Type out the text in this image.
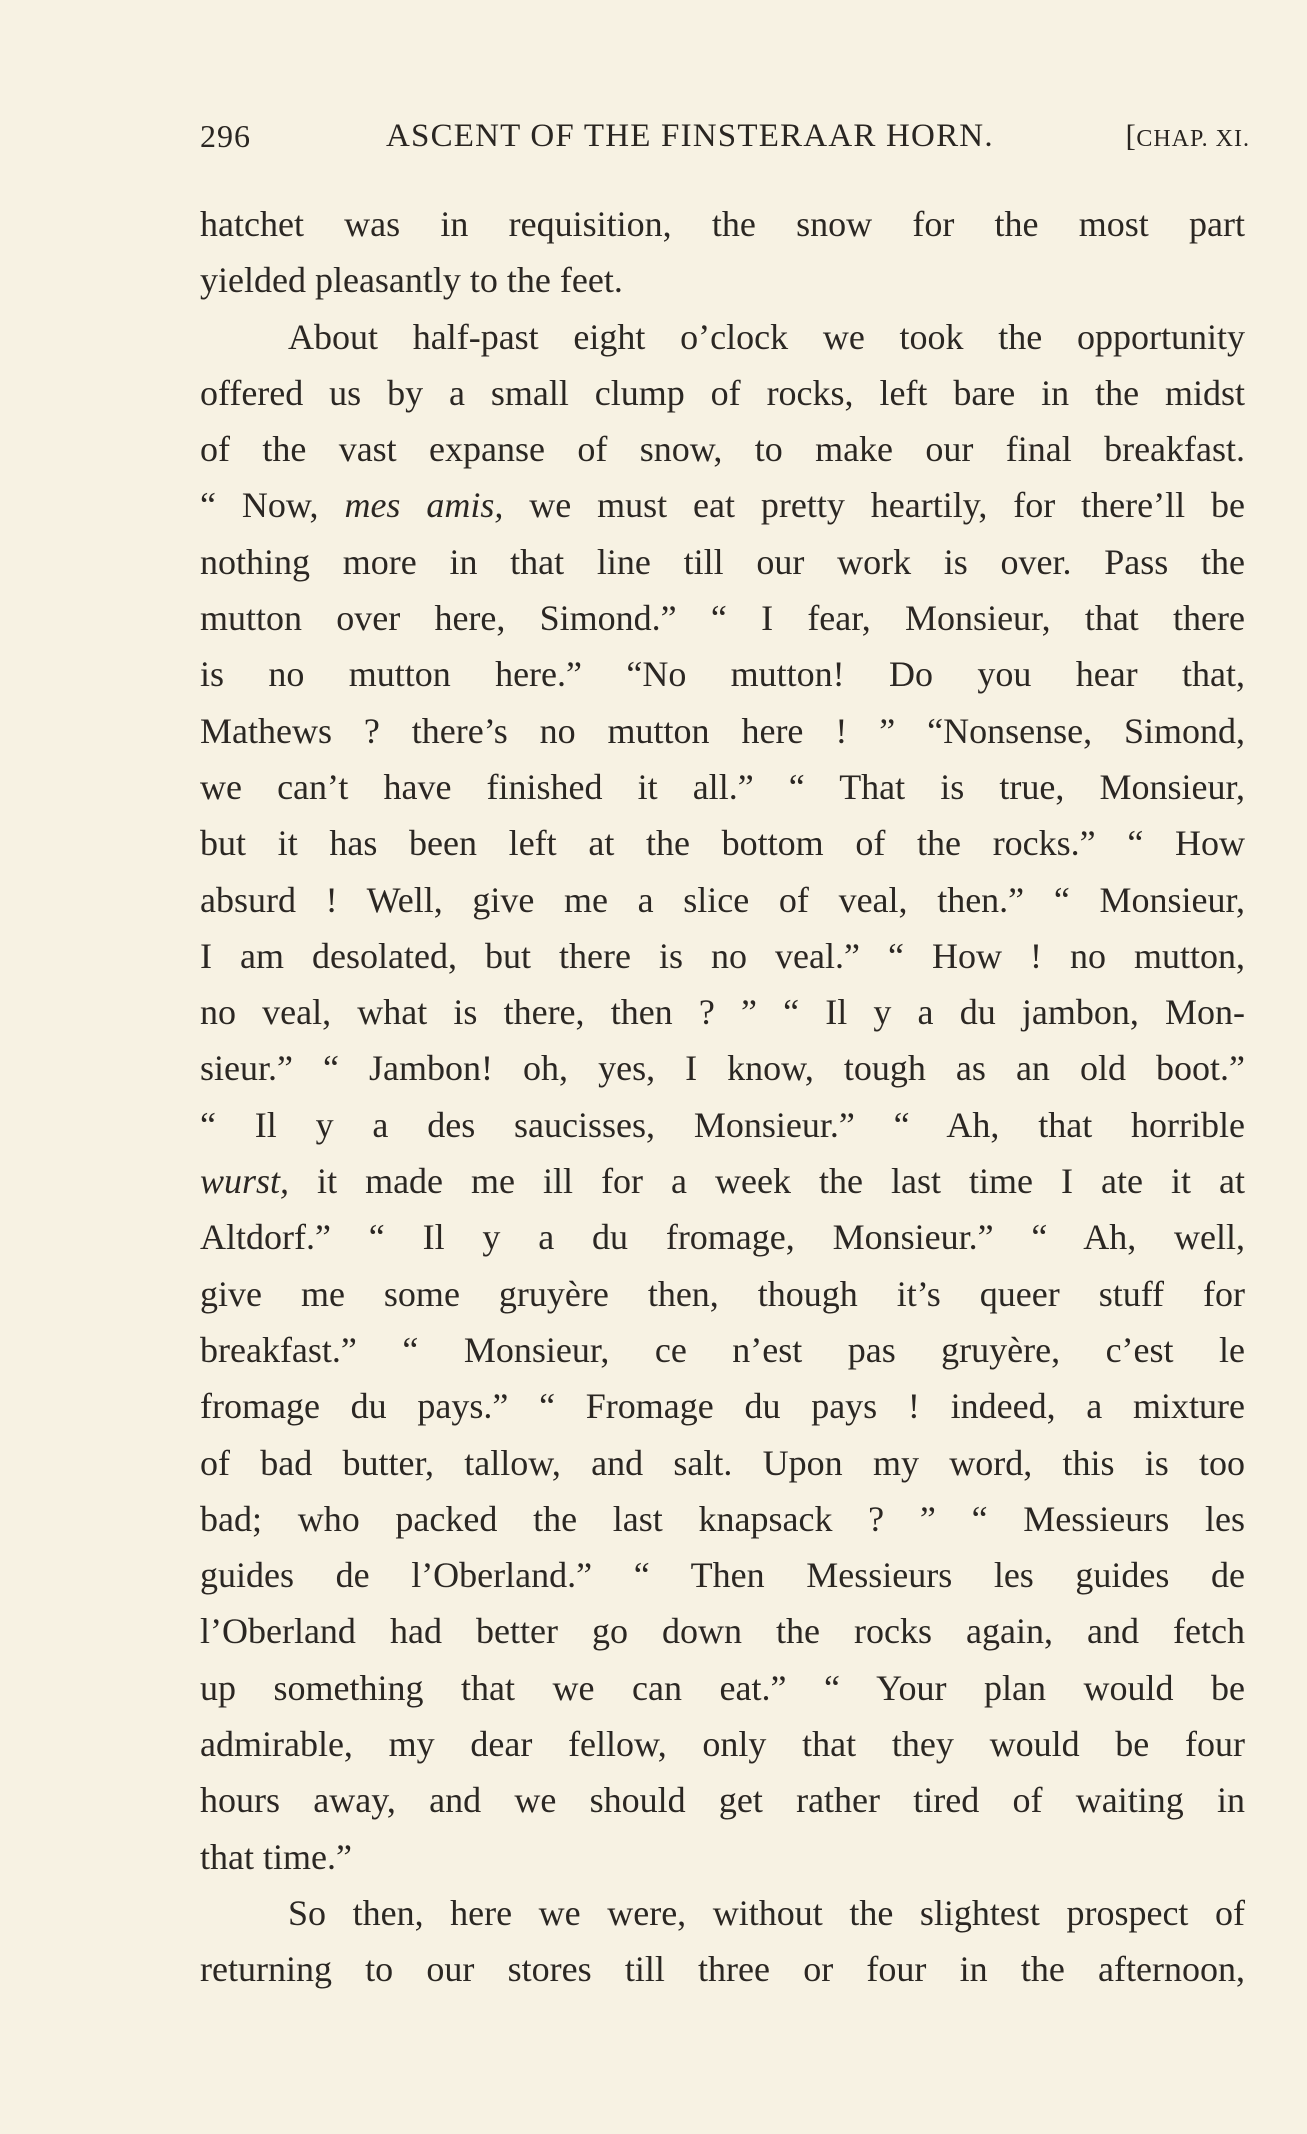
296	ASCENT OF THE FINSTERAAR HORN.	[CHAP. XI.
hatchet was in requisition, the snow for the most part
yielded pleasantly to the feet.
About half-past eight o’clock we took the opportunity
offered us by a small clump of rocks, left bare in the midst
of the vast expanse of snow, to make our final breakfast.
“ Now, mes amis, we must eat pretty heartily, for there’ll be
nothing more in that line till our work is over. Pass the
mutton over here, Simond.” “ I fear, Monsieur, that there
is no mutton here.” “No mutton! Do you hear that,
Mathews ? there’s no mutton here ! ” “Nonsense, Simond,
we can’t have finished it all.” “ That is true, Monsieur,
but it has been left at the bottom of the rocks.” “ How
absurd ! Well, give me a slice of veal, then.” “ Monsieur,
I am desolated, but there is no veal.” “ How ! no mutton,
no veal, what is there, then ? ” “ Il y a du jambon, Mon-
sieur.” “ Jambon! oh, yes, I know, tough as an old boot.”
“ Il y a des saucisses, Monsieur.” “ Ah, that horrible
wurst, it made me ill for a week the last time I ate it at
Altdorf.” “ Il y a du fromage, Monsieur.” “ Ah, well,
give me some gruyère then, though it’s queer stuff for
breakfast.” “ Monsieur, ce n’est pas gruyère, c’est le
fromage du pays.” “ Fromage du pays ! indeed, a mixture
of bad butter, tallow, and salt. Upon my word, this is too
bad; who packed the last knapsack ? ” “ Messieurs les
guides de l’Oberland.” “ Then Messieurs les guides de
l’Oberland had better go down the rocks again, and fetch
up something that we can eat.” “ Your plan would be
admirable, my dear fellow, only that they would be four
hours away, and we should get rather tired of waiting in
that time.”
So then, here we were, without the slightest prospect of
returning to our stores till three or four in the afternoon,
